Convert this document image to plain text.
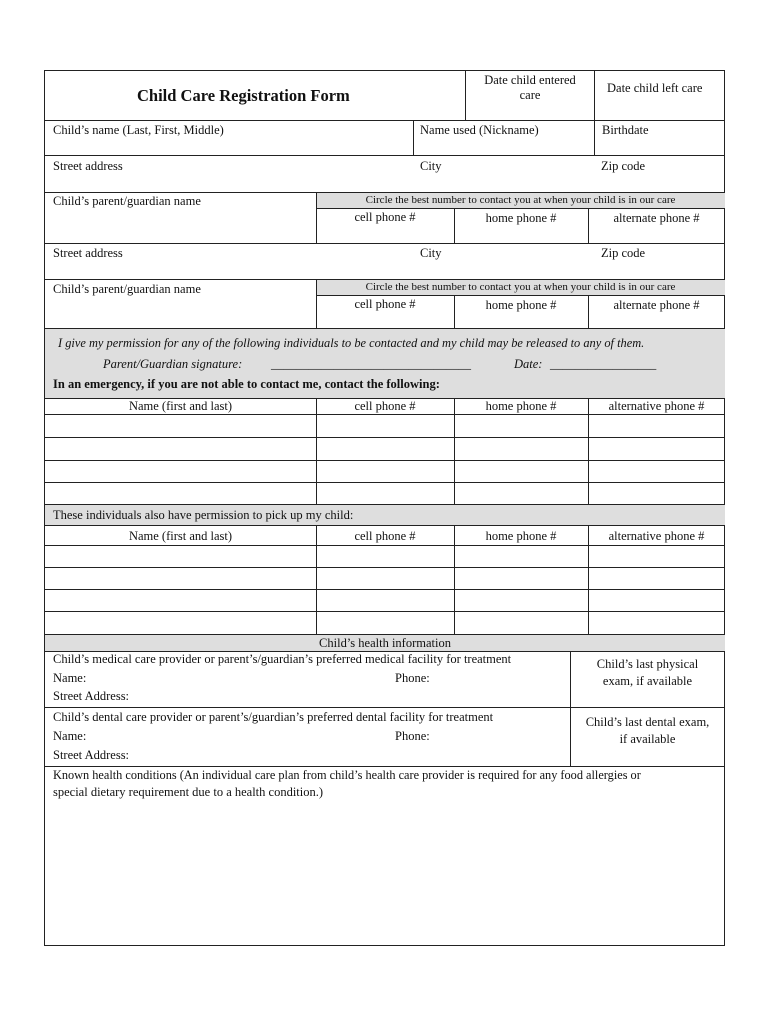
Child Care Registration Form
Date child entered care	Date child left care
Child’s name (Last, First, Middle)	Name used (Nickname)	Birthdate
Street address	City	Zip code
Child’s parent/guardian name	Circle the best number to contact you at when your child is in our care
cell phone #	home phone #	alternate phone #
Street address	City	Zip code
Child’s parent/guardian name	Circle the best number to contact you at when your child is in our care
cell phone #	home phone #	alternate phone #
I give my permission for any of the following individuals to be contacted and my child may be released to any of them.
Parent/Guardian signature: ________________________________	Date: _________________
In an emergency, if you are not able to contact me, contact the following:
Name (first and last)	cell phone #	home phone #	alternative phone #
These individuals also have permission to pick up my child:
Name (first and last)	cell phone #	home phone #	alternative phone #
Child’s health information
Child’s medical care provider or parent’s/guardian’s preferred medical facility for treatment
Name:	Phone:
Street Address:
Child’s last physical
exam, if available
Child’s dental care provider or parent’s/guardian’s preferred dental facility for treatment
Name:	Phone:
Street Address:
Child’s last dental exam,
if available
Known health conditions (An individual care plan from child’s health care provider is required for any food allergies or
special dietary requirement due to a health condition.)
